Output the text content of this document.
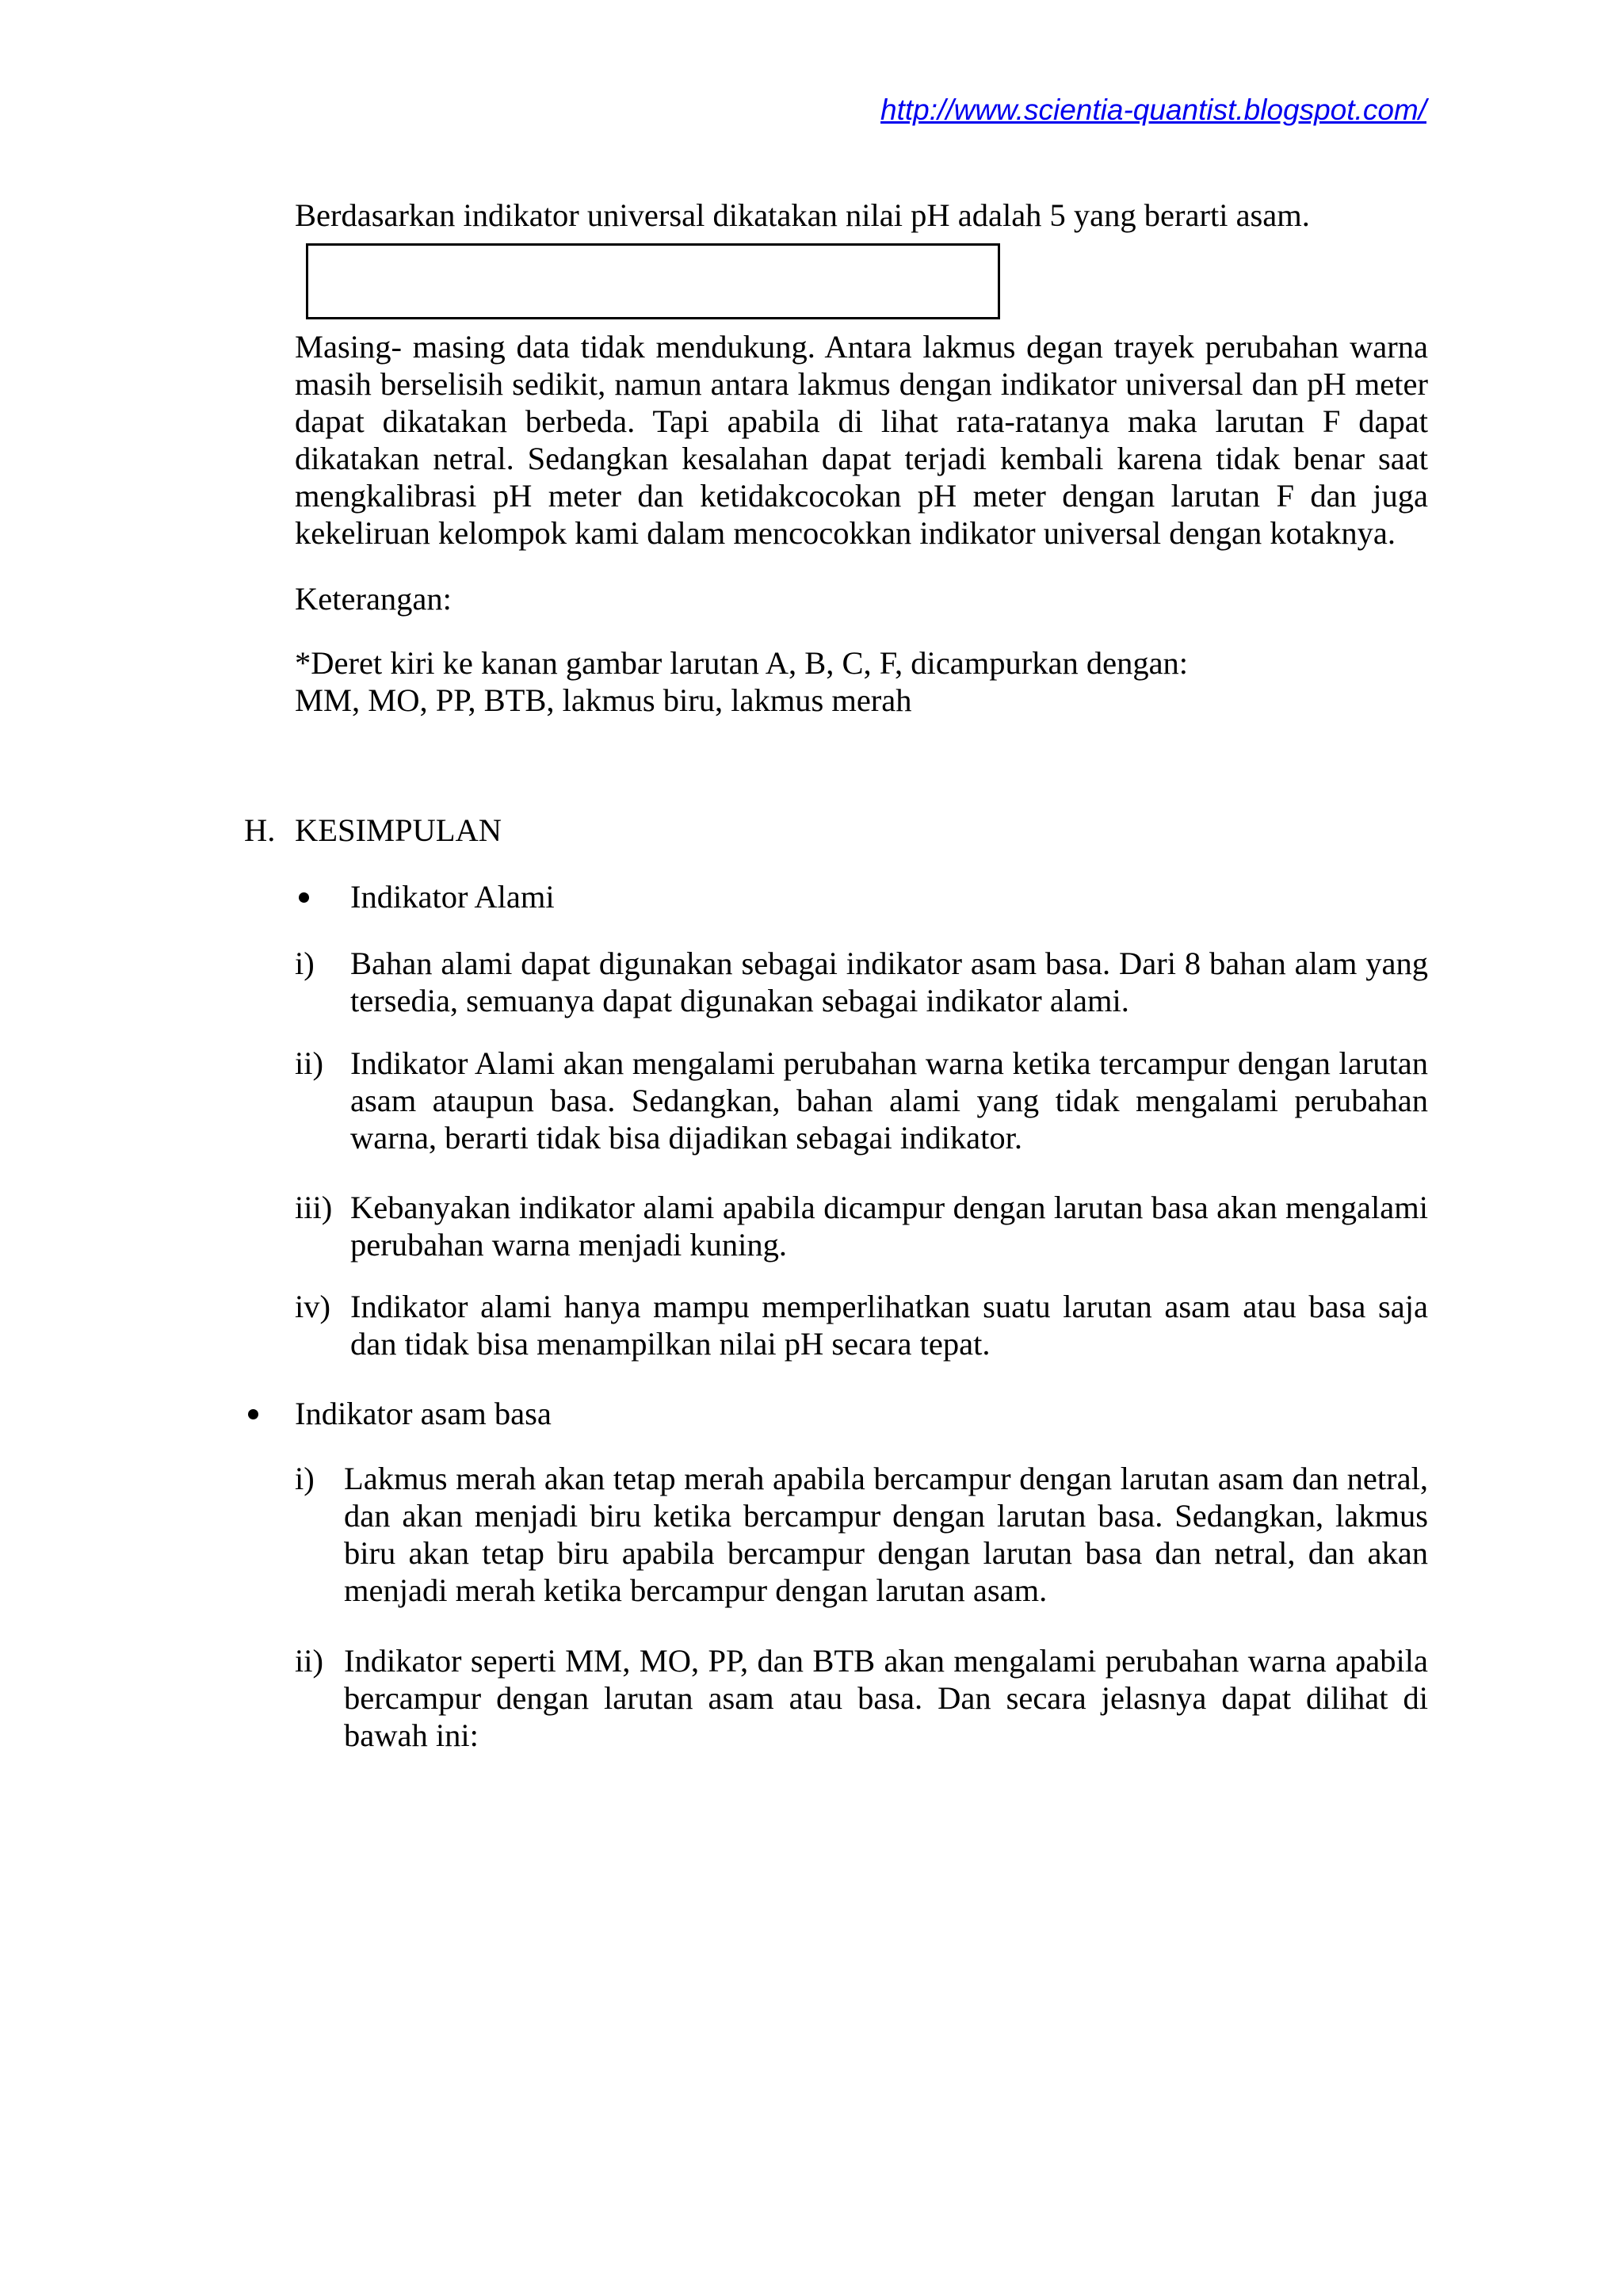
http://www.scientia-quantist.blogspot.com/
Berdasarkan indikator universal dikatakan nilai pH adalah 5 yang berarti asam.
Masing- masing data tidak mendukung. Antara lakmus degan trayek perubahan warna masih berselisih sedikit, namun antara lakmus dengan indikator universal dan pH meter dapat dikatakan berbeda. Tapi apabila di lihat rata-ratanya maka larutan F dapat dikatakan netral. Sedangkan kesalahan dapat terjadi kembali karena tidak benar saat mengkalibrasi pH meter dan ketidakcocokan pH meter dengan larutan F dan juga kekeliruan kelompok kami dalam mencocokkan indikator universal dengan kotaknya.
Keterangan:
*Deret kiri ke kanan gambar larutan A, B, C, F, dicampurkan dengan:
MM, MO, PP, BTB, lakmus biru, lakmus merah
H. KESIMPULAN
Indikator Alami
i) Bahan alami dapat digunakan sebagai indikator asam basa. Dari 8 bahan alam yang tersedia, semuanya dapat digunakan sebagai indikator alami.
ii) Indikator Alami akan mengalami perubahan warna ketika tercampur dengan larutan asam ataupun basa. Sedangkan, bahan alami yang tidak mengalami perubahan warna, berarti tidak bisa dijadikan sebagai indikator.
iii) Kebanyakan indikator alami apabila dicampur dengan larutan basa akan mengalami perubahan warna menjadi kuning.
iv) Indikator alami hanya mampu memperlihatkan suatu larutan asam atau basa saja dan tidak bisa menampilkan nilai pH secara tepat.
Indikator asam basa
i) Lakmus merah akan tetap merah apabila bercampur dengan larutan asam dan netral, dan akan menjadi biru ketika bercampur dengan larutan basa. Sedangkan, lakmus biru akan tetap biru apabila bercampur dengan larutan basa dan netral, dan akan menjadi merah ketika bercampur dengan larutan asam.
ii) Indikator seperti MM, MO, PP, dan BTB akan mengalami perubahan warna apabila bercampur dengan larutan asam atau basa. Dan secara jelasnya dapat dilihat di bawah ini:
